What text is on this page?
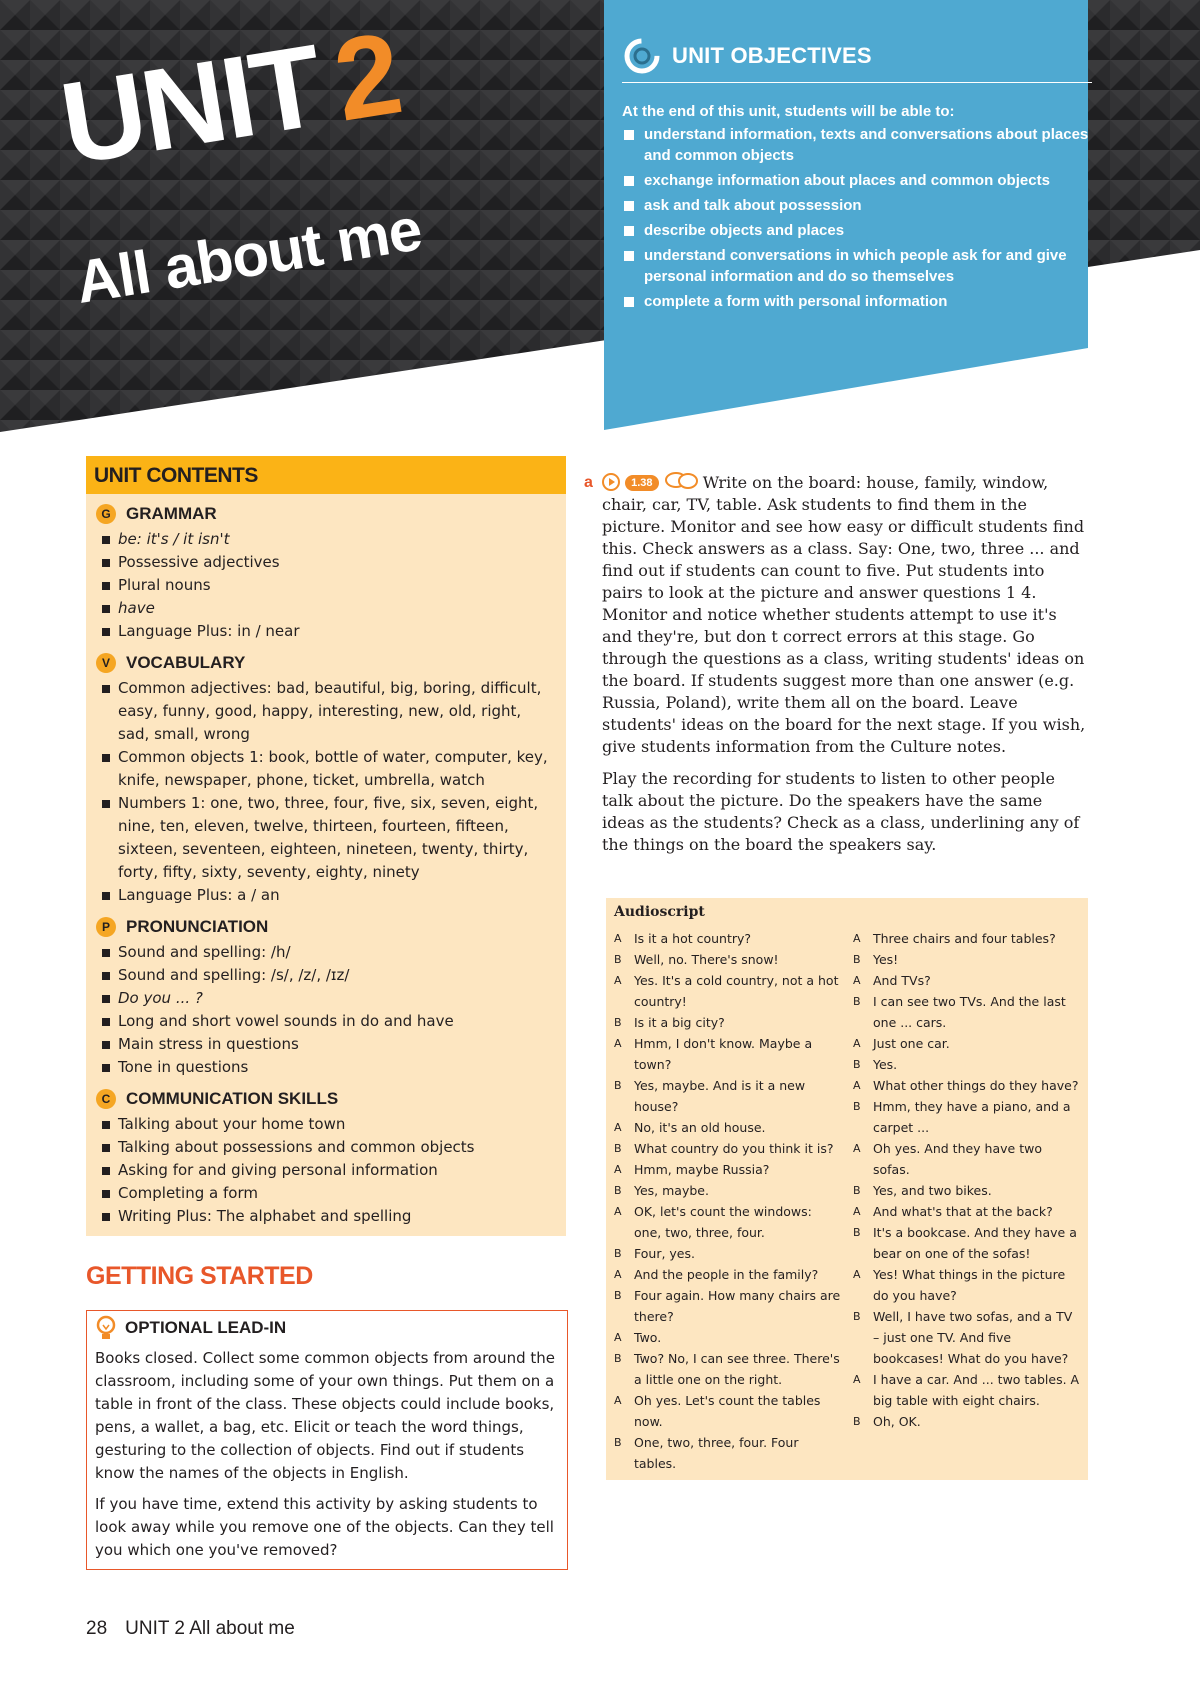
UNIT2
All about me
UNIT OBJECTIVES
At the end of this unit, students will be able to:
understand information, texts and conversations about places and common objects
exchange information about places and common objects
ask and talk about possession
describe objects and places
understand conversations in which people ask for and give personal information and do so themselves
complete a form with personal information
UNIT CONTENTS
G GRAMMAR
be: it's / it isn't
Possessive adjectives
Plural nouns
have
Language Plus: in / near
V VOCABULARY
Common adjectives: bad, beautiful, big, boring, difficult, easy, funny, good, happy, interesting, new, old, right, sad, small, wrong
Common objects 1: book, bottle of water, computer, key, knife, newspaper, phone, ticket, umbrella, watch
Numbers 1: one, two, three, four, five, six, seven, eight, nine, ten, eleven, twelve, thirteen, fourteen, fifteen, sixteen, seventeen, eighteen, nineteen, twenty, thirty, forty, fifty, sixty, seventy, eighty, ninety
Language Plus: a / an
P PRONUNCIATION
Sound and spelling: /h/
Sound and spelling: /s/, /z/, /ɪz/
Do you ... ?
Long and short vowel sounds in do and have
Main stress in questions
Tone in questions
C COMMUNICATION SKILLS
Talking about your home town
Talking about possessions and common objects
Asking for and giving personal information
Completing a form
Writing Plus: The alphabet and spelling
GETTING STARTED
OPTIONAL LEAD-IN

Books closed. Collect some common objects from around the classroom, including some of your own things. Put them on a table in front of the class. These objects could include books, pens, a wallet, a bag, etc. Elicit or teach the word things, gesturing to the collection of objects. Find out if students know the names of the objects in English.

If you have time, extend this activity by asking students to look away while you remove one of the objects. Can they tell you which one you've removed?

a	1.38	Write on the board: house, family, window, chair, car, TV, table. Ask students to find them in the picture. Monitor and see how easy or difficult students find this. Check answers as a class. Say: One, two, three ... and find out if students can count to five. Put students into pairs to look at the picture and answer questions 1 4. Monitor and notice whether students attempt to use it's and they're, but don t correct errors at this stage. Go through the questions as a class, writing students' ideas on the board. If students suggest more than one answer (e.g. Russia, Poland), write them all on the board. Leave students' ideas on the board for the next stage. If you wish, give students information from the Culture notes.

Play the recording for students to listen to other people talk about the picture. Do the speakers have the same ideas as the students? Check as a class, underlining any of the things on the board the speakers say.

Audioscript
A Is it a hot country?
B Well, no. There's snow!
A Yes. It's a cold country, not a hot country!
B Is it a big city?
A Hmm, I don't know. Maybe a town?
B Yes, maybe. And is it a new house?
A No, it's an old house.
B What country do you think it is?
A Hmm, maybe Russia?
B Yes, maybe.
A OK, let's count the windows: one, two, three, four.
B Four, yes.
A And the people in the family?
B Four again. How many chairs are there?
A Two.
B Two? No, I can see three. There's a little one on the right.
A Oh yes. Let's count the tables now.
B One, two, three, four. Four tables.
A Three chairs and four tables?
B Yes!
A And TVs?
B I can see two TVs. And the last one ... cars.
A Just one car.
B Yes.
A What other things do they have?
B Hmm, they have a piano, and a carpet ...
A Oh yes. And they have two sofas.
B Yes, and two bikes.
A And what's that at the back?
B It's a bookcase. And they have a bear on one of the sofas!
A Yes! What things in the picture do you have?
B Well, I have two sofas, and a TV – just one TV. And five bookcases! What do you have?
A I have a car. And ... two tables. A big table with eight chairs.
B Oh, OK.
28 UNIT 2 All about me
